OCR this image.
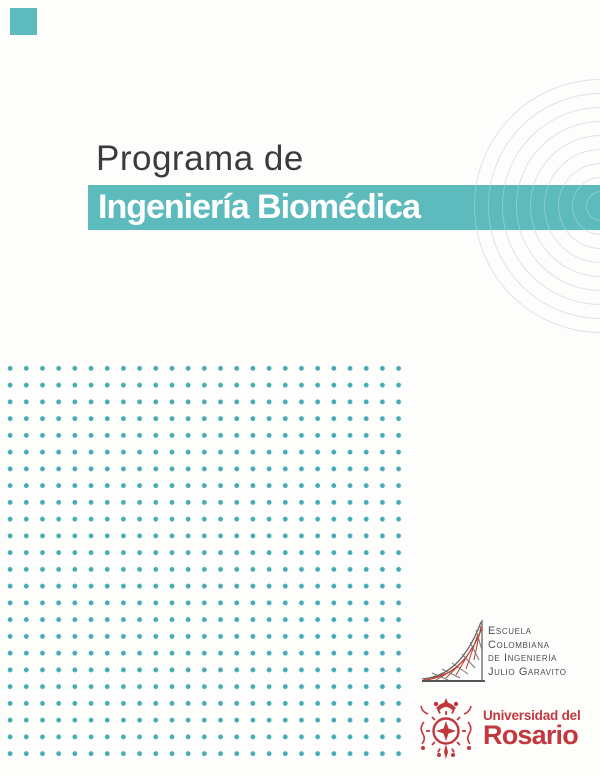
Programa de
Ingeniería Biomédica
Escuela
Colombiana
de Ingeniería
Julio Garavito
Universidad del
Rosario
